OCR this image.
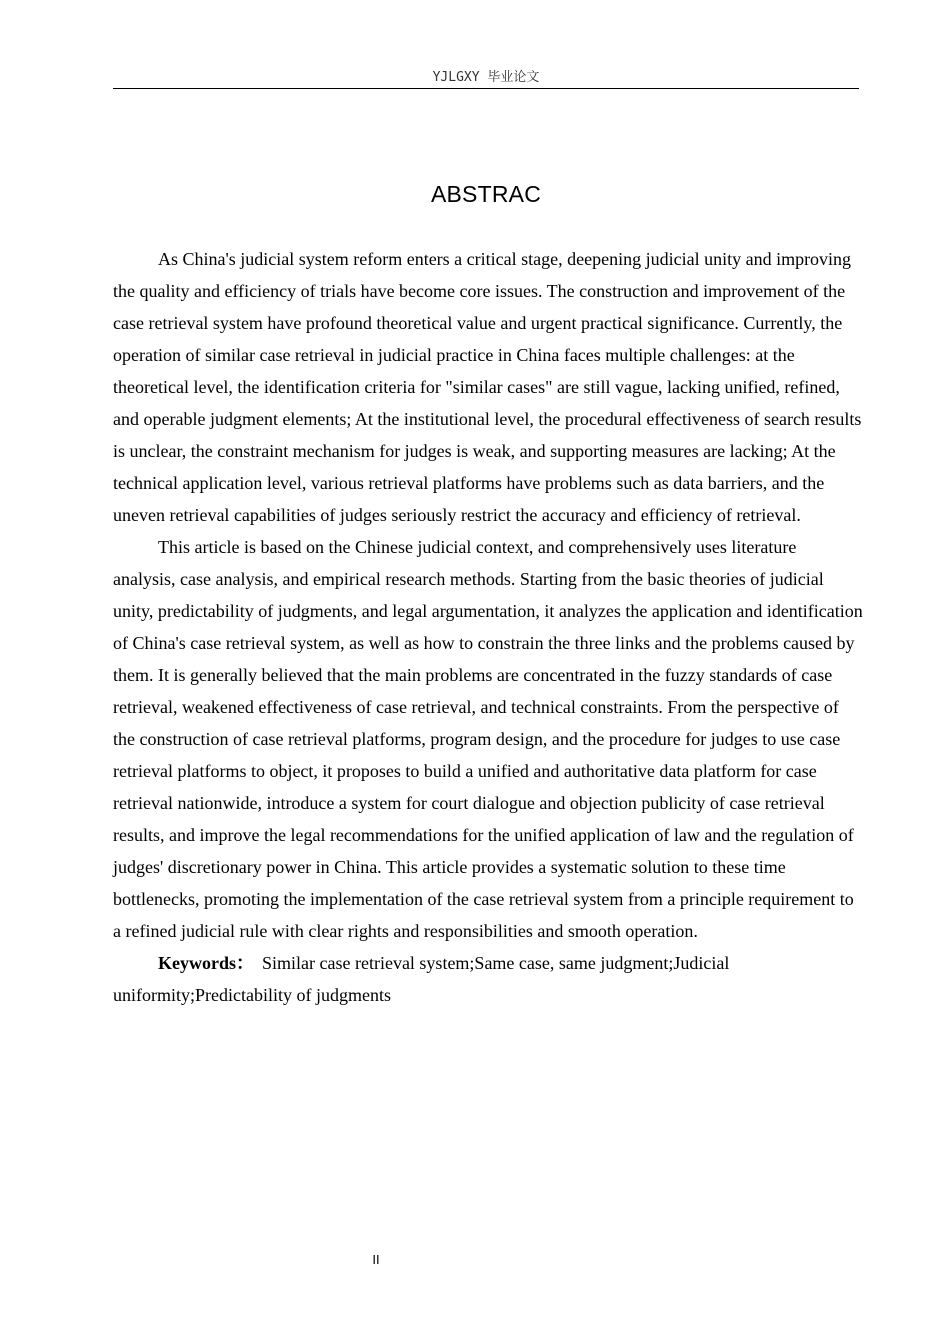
YJLGXY 毕业论文
ABSTRAC

As China's judicial system reform enters a critical stage, deepening judicial unity and improving the quality and efficiency of trials have become core issues. The construction and improvement of the case retrieval system have profound theoretical value and urgent practical significance. Currently, the operation of similar case retrieval in judicial practice in China faces multiple challenges: at the theoretical level, the identification criteria for "similar cases" are still vague, lacking unified, refined, and operable judgment elements; At the institutional level, the procedural effectiveness of search results is unclear, the constraint mechanism for judges is weak, and supporting measures are lacking; At the technical application level, various retrieval platforms have problems such as data barriers, and the uneven retrieval capabilities of judges seriously restrict the accuracy and efficiency of retrieval.

This article is based on the Chinese judicial context, and comprehensively uses literature analysis, case analysis, and empirical research methods. Starting from the basic theories of judicial unity, predictability of judgments, and legal argumentation, it analyzes the application and identification of China's case retrieval system, as well as how to constrain the three links and the problems caused by them. It is generally believed that the main problems are concentrated in the fuzzy standards of case retrieval, weakened effectiveness of case retrieval, and technical constraints. From the perspective of the construction of case retrieval platforms, program design, and the procedure for judges to use case retrieval platforms to object, it proposes to build a unified and authoritative data platform for case retrieval nationwide, introduce a system for court dialogue and objection publicity of case retrieval results, and improve the legal recommendations for the unified application of law and the regulation of judges' discretionary power in China. This article provides a systematic solution to these time bottlenecks, promoting the implementation of the case retrieval system from a principle requirement to a refined judicial rule with clear rights and responsibilities and smooth operation.

Keywords： Similar case retrieval system;Same case, same judgment;Judicial uniformity;Predictability of judgments

II
